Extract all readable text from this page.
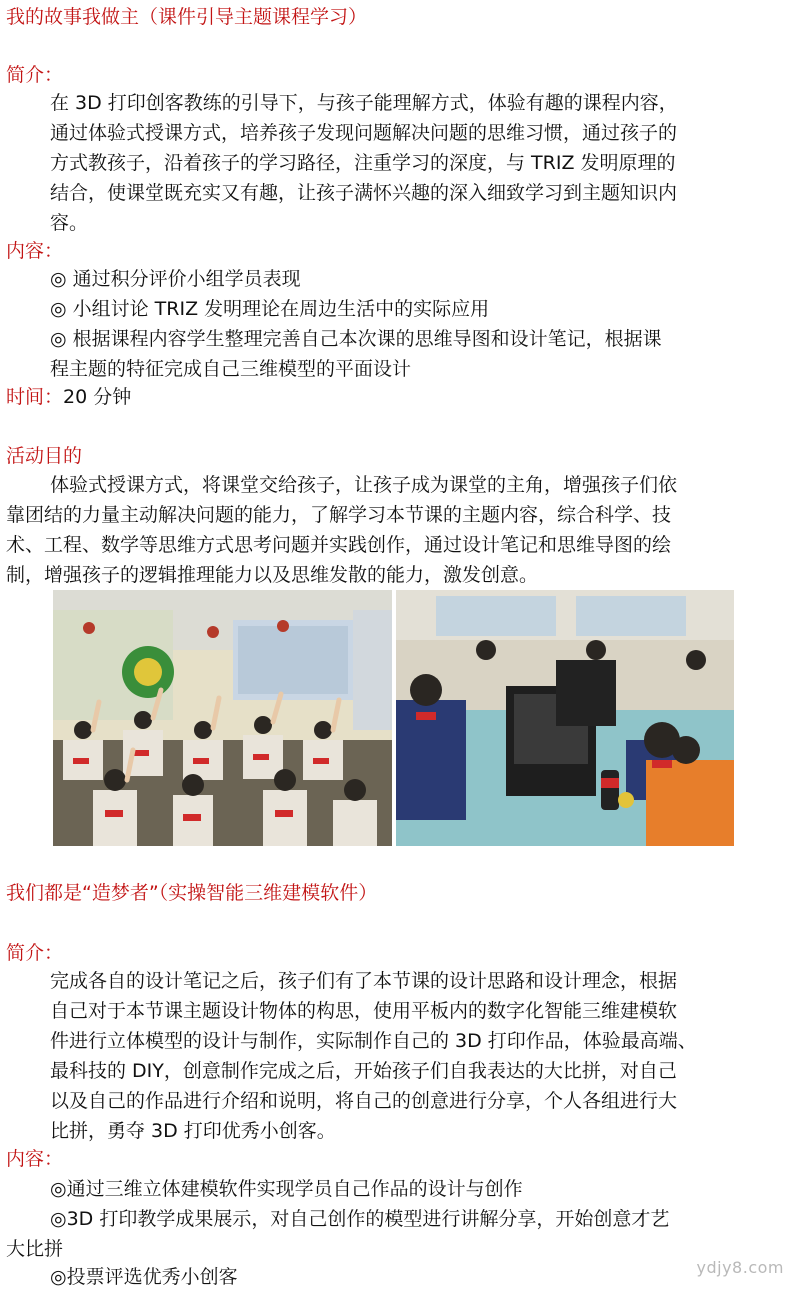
我的故事我做主（课件引导主题课程学习）
简介：
在 3D 打印创客教练的引导下，与孩子能理解方式，体验有趣的课程内容，
通过体验式授课方式，培养孩子发现问题解决问题的思维习惯，通过孩子的
方式教孩子，沿着孩子的学习路径，注重学习的深度，与 TRIZ 发明原理的
结合，使课堂既充实又有趣，让孩子满怀兴趣的深入细致学习到主题知识内
容。
内容：
◎ 通过积分评价小组学员表现
◎ 小组讨论 TRIZ 发明理论在周边生活中的实际应用
◎ 根据课程内容学生整理完善自己本次课的思维导图和设计笔记，根据课
程主题的特征完成自己三维模型的平面设计
时间：20 分钟
活动目的
体验式授课方式，将课堂交给孩子，让孩子成为课堂的主角，增强孩子们依
靠团结的力量主动解决问题的能力，了解学习本节课的主题内容，综合科学、技
术、工程、数学等思维方式思考问题并实践创作，通过设计笔记和思维导图的绘
制，增强孩子的逻辑推理能力以及思维发散的能力，激发创意。
我们都是“造梦者”（实操智能三维建模软件）
简介：
完成各自的设计笔记之后，孩子们有了本节课的设计思路和设计理念，根据
自己对于本节课主题设计物体的构思，使用平板内的数字化智能三维建模软
件进行立体模型的设计与制作，实际制作自己的 3D 打印作品，体验最高端、
最科技的 DIY，创意制作完成之后，开始孩子们自我表达的大比拼，对自己
以及自己的作品进行介绍和说明，将自己的创意进行分享，个人各组进行大
比拼，勇夺 3D 打印优秀小创客。
内容：
◎通过三维立体建模软件实现学员自己作品的设计与创作
◎3D 打印教学成果展示，对自己创作的模型进行讲解分享，开始创意才艺
大比拼
◎投票评选优秀小创客	ydjy8.com
